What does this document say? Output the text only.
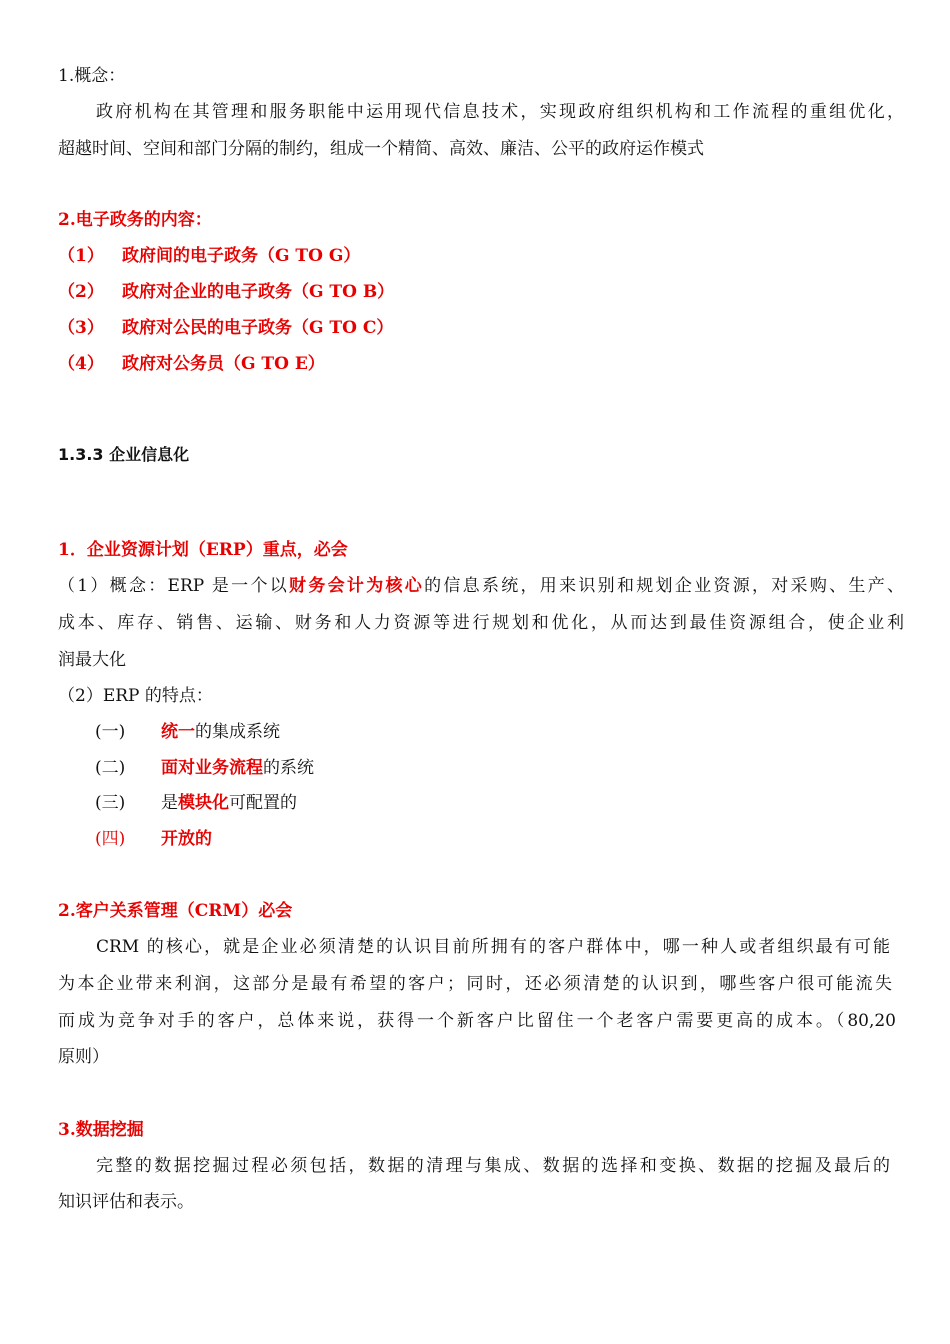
1.概念：
政府机构在其管理和服务职能中运用现代信息技术，实现政府组织机构和工作流程的重组优化，
超越时间、空间和部门分隔的制约，组成一个精简、高效、廉洁、公平的政府运作模式
2.电子政务的内容：
（1） 政府间的电子政务（G TO G）
（2） 政府对企业的电子政务（G TO B）
（3） 政府对公民的电子政务（G TO C）
（4） 政府对公务员（G TO E）
1.3.3 企业信息化
1．企业资源计划（ERP）重点，必会
（1）概念：ERP 是一个以财务会计为核心的信息系统，用来识别和规划企业资源，对采购、生产、
成本、库存、销售、运输、财务和人力资源等进行规划和优化，从而达到最佳资源组合，使企业利
润最大化
（2）ERP 的特点：
(一) 统一的集成系统
(二) 面对业务流程的系统
(三) 是模块化可配置的
(四) 开放的
2.客户关系管理（CRM）必会
CRM 的核心，就是企业必须清楚的认识目前所拥有的客户群体中，哪一种人或者组织最有可能
为本企业带来利润，这部分是最有希望的客户；同时，还必须清楚的认识到，哪些客户很可能流失
而成为竞争对手的客户，总体来说，获得一个新客户比留住一个老客户需要更高的成本。（80,20
原则）
3.数据挖掘
完整的数据挖掘过程必须包括，数据的清理与集成、数据的选择和变换、数据的挖掘及最后的
知识评估和表示。
